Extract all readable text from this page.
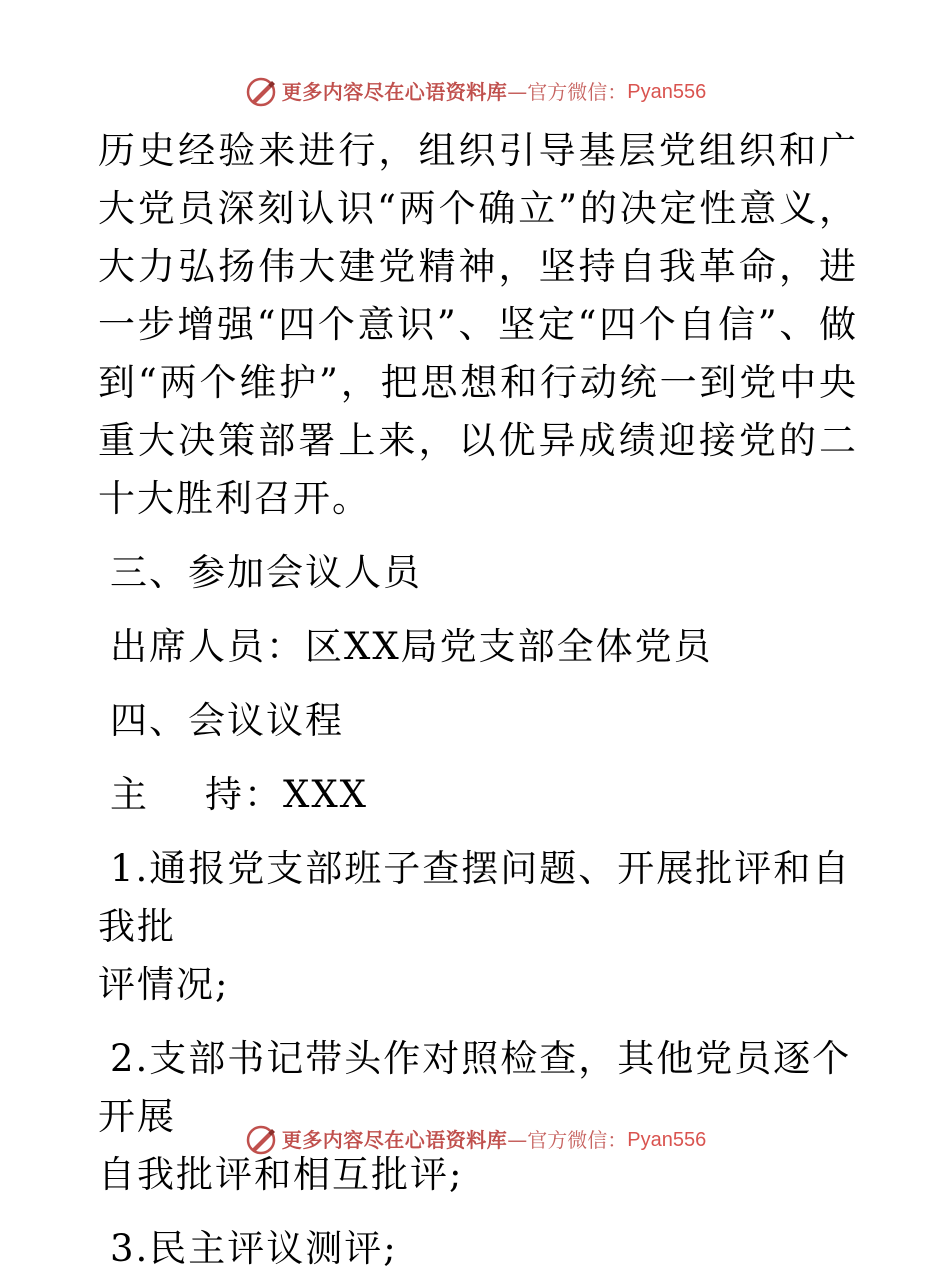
更多内容尽在心语资料库 —官方微信： Pyan556

历史经验来进行，组织引导基层党组织和广大党员深刻认识“两个确立”的决定性意义，大力弘扬伟大建党精神，坚持自我革命，进一步增强“四个意识”、坚定“四个自信”、做到“两个维护”，把思想和行动统一到党中央重大决策部署上来，以优异成绩迎接党的二十大胜利召开。

三、参加会议人员

出席人员：区XX局党支部全体党员

四、会议议程

主 持：XXX

1.通报党支部班子查摆问题、开展批评和自我批
评情况;

2.支部书记带头作对照检查，其他党员逐个开展
自我批评和相互批评;

3.民主评议测评;

更多内容尽在心语资料库 —官方微信： Pyan556
